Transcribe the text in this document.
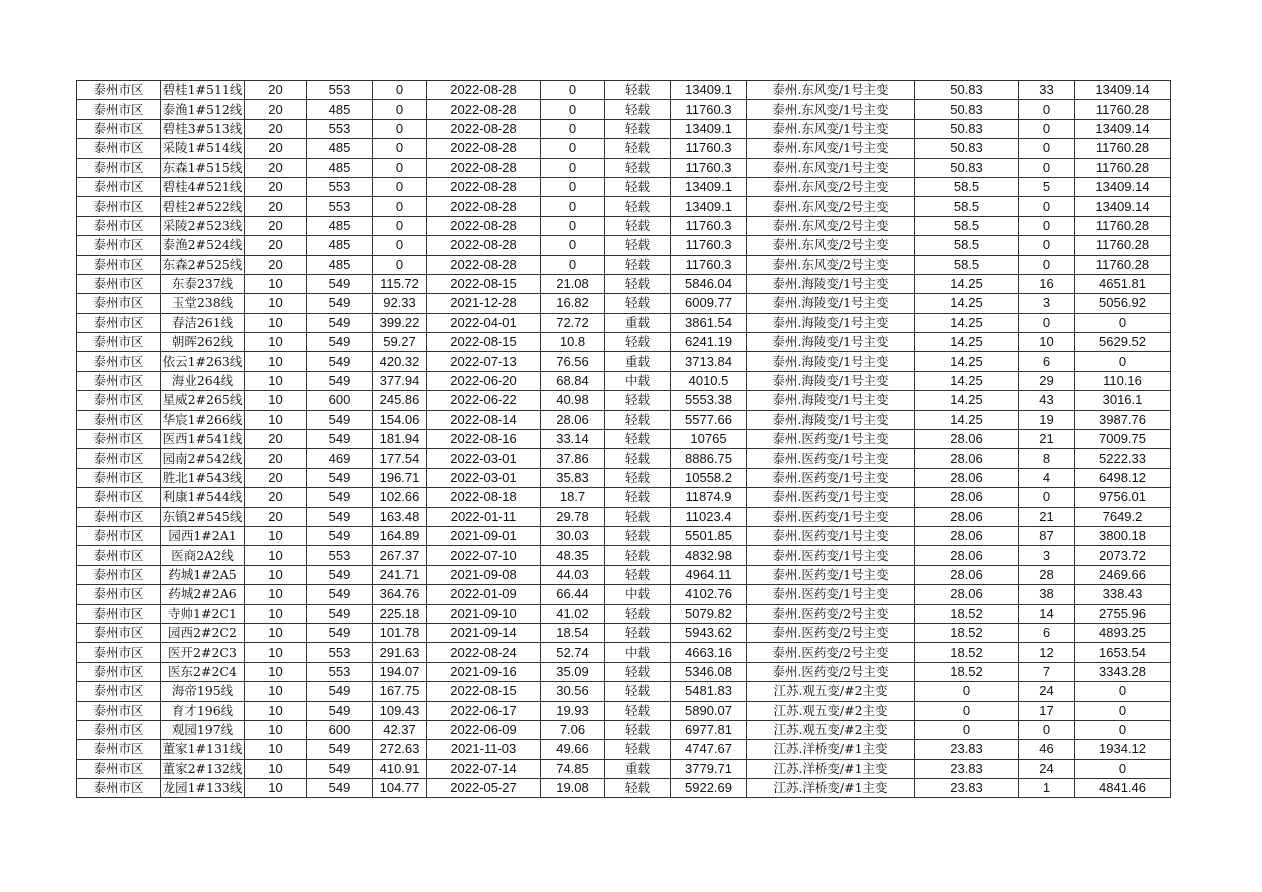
泰州市区	碧桂1#511线	20	553	0	2022-08-28	0	轻载	13409.1	泰州.东风变/1号主变	50.83	33	13409.14
泰州市区	泰渔1#512线	20	485	0	2022-08-28	0	轻载	11760.3	泰州.东风变/1号主变	50.83	0	11760.28
泰州市区	碧桂3#513线	20	553	0	2022-08-28	0	轻载	13409.1	泰州.东风变/1号主变	50.83	0	13409.14
泰州市区	采陵1#514线	20	485	0	2022-08-28	0	轻载	11760.3	泰州.东风变/1号主变	50.83	0	11760.28
泰州市区	东森1#515线	20	485	0	2022-08-28	0	轻载	11760.3	泰州.东风变/1号主变	50.83	0	11760.28
泰州市区	碧桂4#521线	20	553	0	2022-08-28	0	轻载	13409.1	泰州.东风变/2号主变	58.5	5	13409.14
泰州市区	碧桂2#522线	20	553	0	2022-08-28	0	轻载	13409.1	泰州.东风变/2号主变	58.5	0	13409.14
泰州市区	采陵2#523线	20	485	0	2022-08-28	0	轻载	11760.3	泰州.东风变/2号主变	58.5	0	11760.28
泰州市区	泰渔2#524线	20	485	0	2022-08-28	0	轻载	11760.3	泰州.东风变/2号主变	58.5	0	11760.28
泰州市区	东森2#525线	20	485	0	2022-08-28	0	轻载	11760.3	泰州.东风变/2号主变	58.5	0	11760.28
泰州市区	东泰237线	10	549	115.72	2022-08-15	21.08	轻载	5846.04	泰州.海陵变/1号主变	14.25	16	4651.81
泰州市区	玉堂238线	10	549	92.33	2021-12-28	16.82	轻载	6009.77	泰州.海陵变/1号主变	14.25	3	5056.92
泰州市区	春洁261线	10	549	399.22	2022-04-01	72.72	重载	3861.54	泰州.海陵变/1号主变	14.25	0	0
泰州市区	朝晖262线	10	549	59.27	2022-08-15	10.8	轻载	6241.19	泰州.海陵变/1号主变	14.25	10	5629.52
泰州市区	依云1#263线	10	549	420.32	2022-07-13	76.56	重载	3713.84	泰州.海陵变/1号主变	14.25	6	0
泰州市区	海业264线	10	549	377.94	2022-06-20	68.84	中载	4010.5	泰州.海陵变/1号主变	14.25	29	110.16
泰州市区	星威2#265线	10	600	245.86	2022-06-22	40.98	轻载	5553.38	泰州.海陵变/1号主变	14.25	43	3016.1
泰州市区	华宸1#266线	10	549	154.06	2022-08-14	28.06	轻载	5577.66	泰州.海陵变/1号主变	14.25	19	3987.76
泰州市区	医西1#541线	20	549	181.94	2022-08-16	33.14	轻载	10765	泰州.医药变/1号主变	28.06	21	7009.75
泰州市区	园南2#542线	20	469	177.54	2022-03-01	37.86	轻载	8886.75	泰州.医药变/1号主变	28.06	8	5222.33
泰州市区	胜北1#543线	20	549	196.71	2022-03-01	35.83	轻载	10558.2	泰州.医药变/1号主变	28.06	4	6498.12
泰州市区	利康1#544线	20	549	102.66	2022-08-18	18.7	轻载	11874.9	泰州.医药变/1号主变	28.06	0	9756.01
泰州市区	东镇2#545线	20	549	163.48	2022-01-11	29.78	轻载	11023.4	泰州.医药变/1号主变	28.06	21	7649.2
泰州市区	园西1#2A1	10	549	164.89	2021-09-01	30.03	轻载	5501.85	泰州.医药变/1号主变	28.06	87	3800.18
泰州市区	医商2A2线	10	553	267.37	2022-07-10	48.35	轻载	4832.98	泰州.医药变/1号主变	28.06	3	2073.72
泰州市区	药城1#2A5	10	549	241.71	2021-09-08	44.03	轻载	4964.11	泰州.医药变/1号主变	28.06	28	2469.66
泰州市区	药城2#2A6	10	549	364.76	2022-01-09	66.44	中载	4102.76	泰州.医药变/1号主变	28.06	38	338.43
泰州市区	寺帅1#2C1	10	549	225.18	2021-09-10	41.02	轻载	5079.82	泰州.医药变/2号主变	18.52	14	2755.96
泰州市区	园西2#2C2	10	549	101.78	2021-09-14	18.54	轻载	5943.62	泰州.医药变/2号主变	18.52	6	4893.25
泰州市区	医开2#2C3	10	553	291.63	2022-08-24	52.74	中载	4663.16	泰州.医药变/2号主变	18.52	12	1653.54
泰州市区	医东2#2C4	10	553	194.07	2021-09-16	35.09	轻载	5346.08	泰州.医药变/2号主变	18.52	7	3343.28
泰州市区	海帝195线	10	549	167.75	2022-08-15	30.56	轻载	5481.83	江苏.观五变/#2主变	0	24	0
泰州市区	育才196线	10	549	109.43	2022-06-17	19.93	轻载	5890.07	江苏.观五变/#2主变	0	17	0
泰州市区	观园197线	10	600	42.37	2022-06-09	7.06	轻载	6977.81	江苏.观五变/#2主变	0	0	0
泰州市区	董家1#131线	10	549	272.63	2021-11-03	49.66	轻载	4747.67	江苏.洋桥变/#1主变	23.83	46	1934.12
泰州市区	董家2#132线	10	549	410.91	2022-07-14	74.85	重载	3779.71	江苏.洋桥变/#1主变	23.83	24	0
泰州市区	龙园1#133线	10	549	104.77	2022-05-27	19.08	轻载	5922.69	江苏.洋桥变/#1主变	23.83	1	4841.46
